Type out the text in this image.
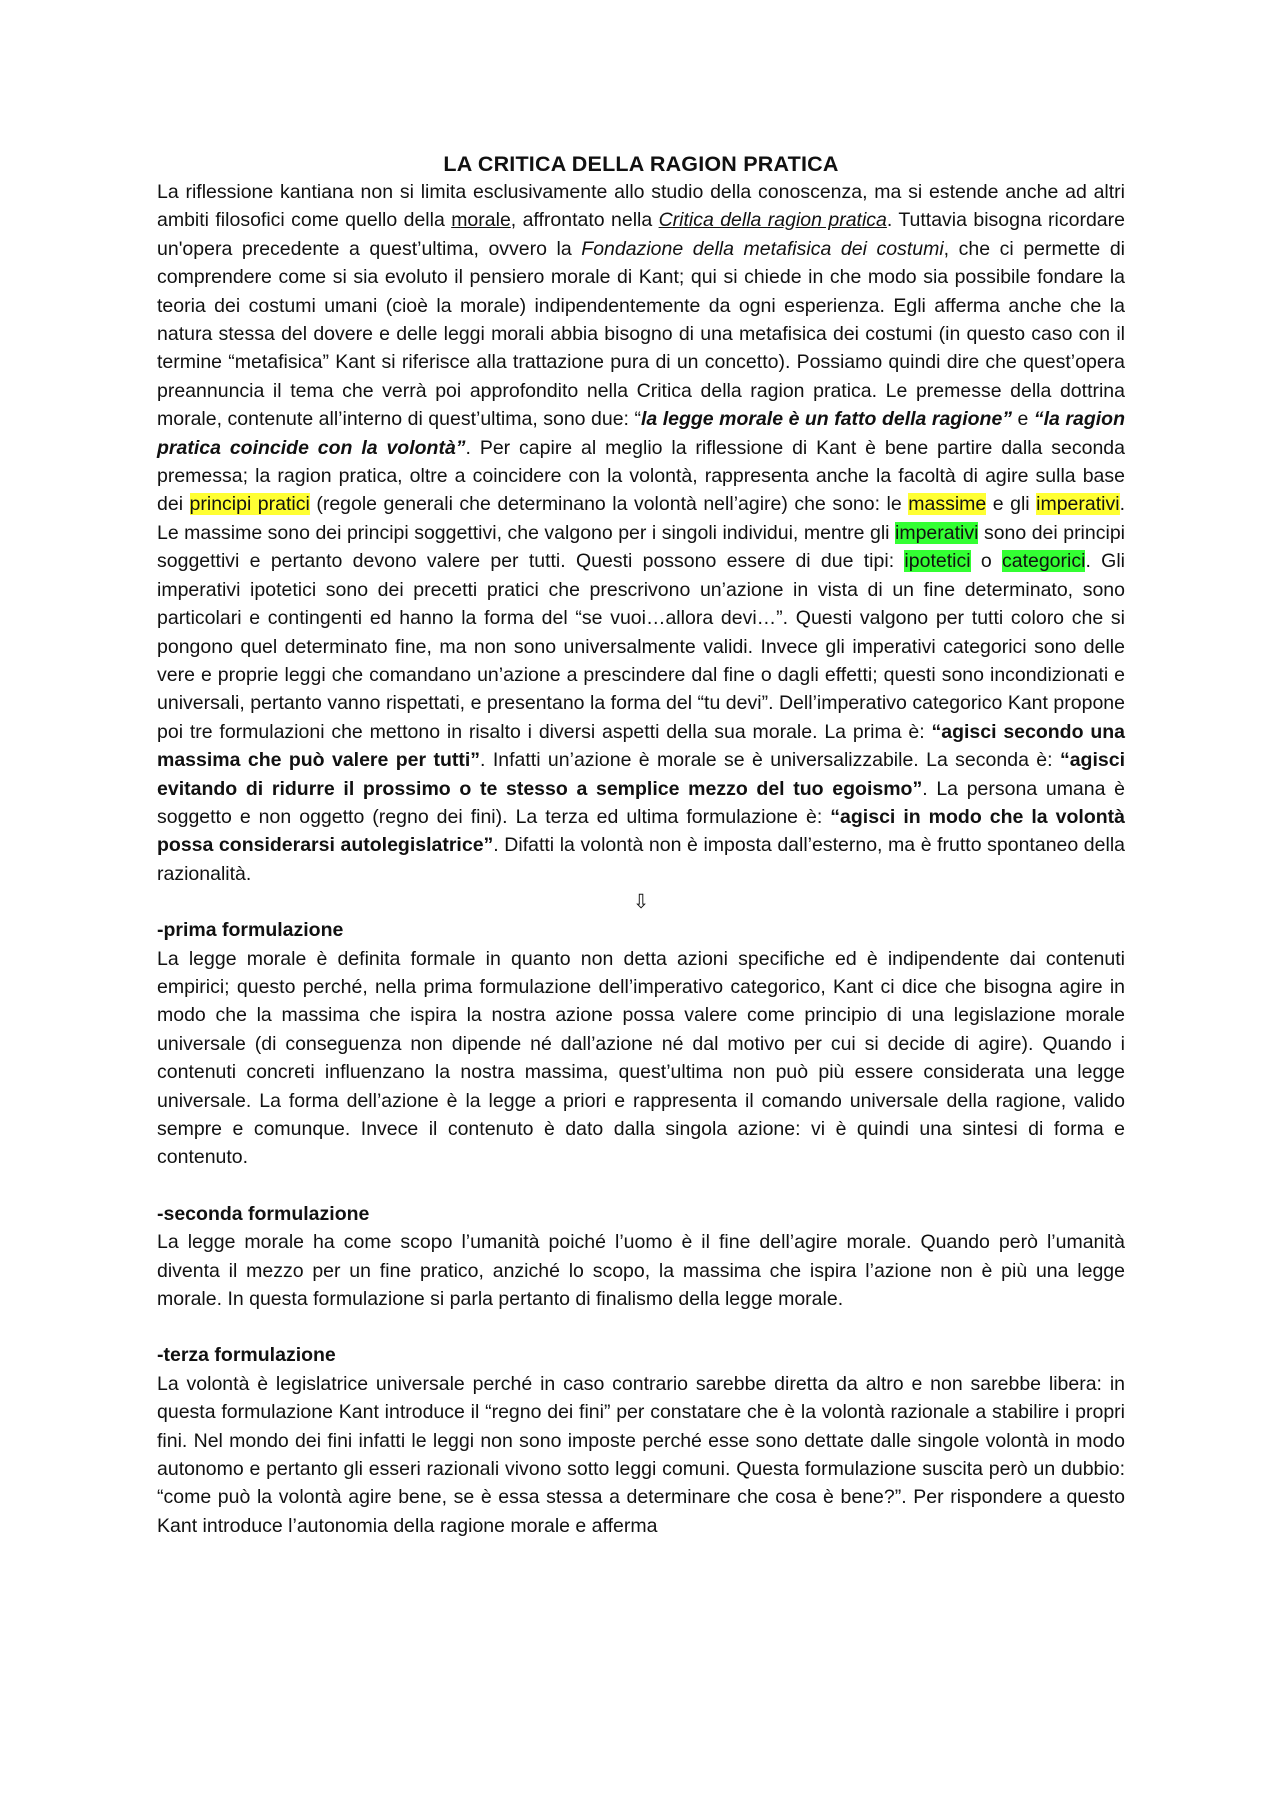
LA CRITICA DELLA RAGION PRATICA

La riflessione kantiana non si limita esclusivamente allo studio della conoscenza, ma si estende anche ad altri ambiti filosofici come quello della morale, affrontato nella Critica della ragion pratica. Tuttavia bisogna ricordare un'opera precedente a quest’ultima, ovvero la Fondazione della metafisica dei costumi, che ci permette di comprendere come si sia evoluto il pensiero morale di Kant; qui si chiede in che modo sia possibile fondare la teoria dei costumi umani (cioè la morale) indipendentemente da ogni esperienza. Egli afferma anche che la natura stessa del dovere e delle leggi morali abbia bisogno di una metafisica dei costumi (in questo caso con il termine “metafisica” Kant si riferisce alla trattazione pura di un concetto). Possiamo quindi dire che quest’opera preannuncia il tema che verrà poi approfondito nella Critica della ragion pratica. Le premesse della dottrina morale, contenute all’interno di quest’ultima, sono due: “la legge morale è un fatto della ragione” e “la ragion pratica coincide con la volontà”. Per capire al meglio la riflessione di Kant è bene partire dalla seconda premessa; la ragion pratica, oltre a coincidere con la volontà, rappresenta anche la facoltà di agire sulla base dei principi pratici (regole generali che determinano la volontà nell’agire) che sono: le massime e gli imperativi. Le massime sono dei principi soggettivi, che valgono per i singoli individui, mentre gli imperativi sono dei principi soggettivi e pertanto devono valere per tutti. Questi possono essere di due tipi: ipotetici o categorici. Gli imperativi ipotetici sono dei precetti pratici che prescrivono un’azione in vista di un fine determinato, sono particolari e contingenti ed hanno la forma del “se vuoi…allora devi…”. Questi valgono per tutti coloro che si pongono quel determinato fine, ma non sono universalmente validi. Invece gli imperativi categorici sono delle vere e proprie leggi che comandano un’azione a prescindere dal fine o dagli effetti; questi sono incondizionati e universali, pertanto vanno rispettati, e presentano la forma del “tu devi”. Dell’imperativo categorico Kant propone poi tre formulazioni che mettono in risalto i diversi aspetti della sua morale. La prima è: “agisci secondo una massima che può valere per tutti”. Infatti un’azione è morale se è universalizzabile. La seconda è: “agisci evitando di ridurre il prossimo o te stesso a semplice mezzo del tuo egoismo”. La persona umana è soggetto e non oggetto (regno dei fini). La terza ed ultima formulazione è: “agisci in modo che la volontà possa considerarsi autolegislatrice”. Difatti la volontà non è imposta dall’esterno, ma è frutto spontaneo della razionalità.

⇩
-prima formulazione

La legge morale è definita formale in quanto non detta azioni specifiche ed è indipendente dai contenuti empirici; questo perché, nella prima formulazione dell’imperativo categorico, Kant ci dice che bisogna agire in modo che la massima che ispira la nostra azione possa valere come principio di una legislazione morale universale (di conseguenza non dipende né dall’azione né dal motivo per cui si decide di agire). Quando i contenuti concreti influenzano la nostra massima, quest’ultima non può più essere considerata una legge universale. La forma dell’azione è la legge a priori e rappresenta il comando universale della ragione, valido sempre e comunque. Invece il contenuto è dato dalla singola azione: vi è quindi una sintesi di forma e contenuto.

-seconda formulazione

La legge morale ha come scopo l’umanità poiché l’uomo è il fine dell’agire morale. Quando però l’umanità diventa il mezzo per un fine pratico, anziché lo scopo, la massima che ispira l’azione non è più una legge morale. In questa formulazione si parla pertanto di finalismo della legge morale.

-terza formulazione

La volontà è legislatrice universale perché in caso contrario sarebbe diretta da altro e non sarebbe libera: in questa formulazione Kant introduce il “regno dei fini” per constatare che è la volontà razionale a stabilire i propri fini. Nel mondo dei fini infatti le leggi non sono imposte perché esse sono dettate dalle singole volontà in modo autonomo e pertanto gli esseri razionali vivono sotto leggi comuni. Questa formulazione suscita però un dubbio: “come può la volontà agire bene, se è essa stessa a determinare che cosa è bene?”. Per rispondere a questo Kant introduce l’autonomia della ragione morale e afferma
